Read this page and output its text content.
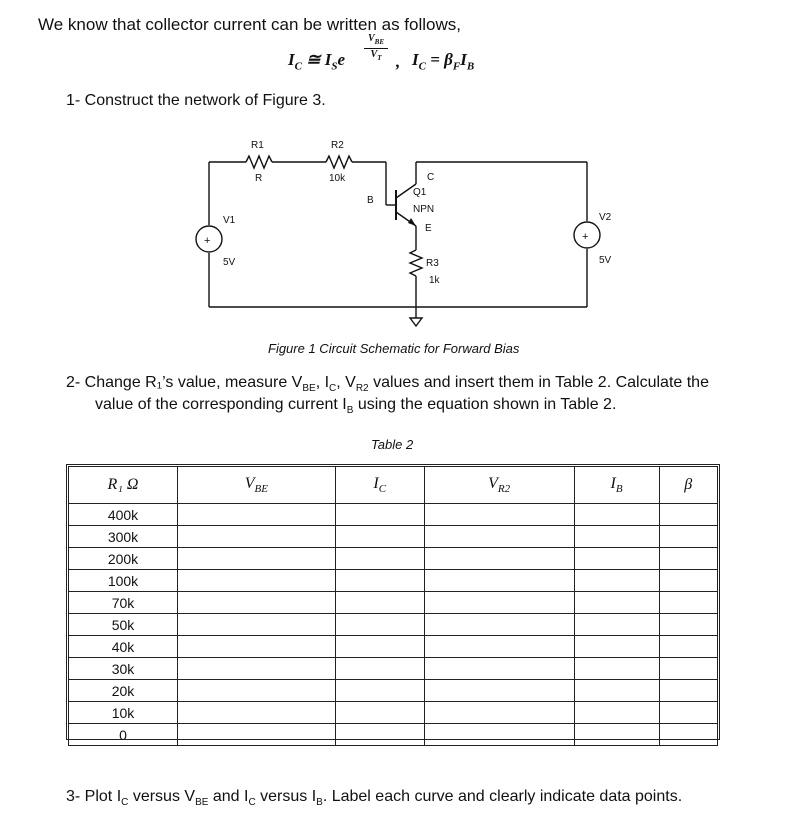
We know that collector current can be written as follows,
$I_C$ ≅ $I_Se$
$V_{BE}$
$V_T$ , $I_C = \beta_FI_B$
1- Construct the network of Figure 3.
R1
R
R2
10k
V1
5V
+
V2
5V
+
C
Q1
NPN
E
B
R3
1k
Figure 1 Circuit Schematic for Forward Bias
2- Change R₁’s value, measure $V_{BE}$, $I_C$, $V_{R2}$ values and insert them in Table 2. Calculate the
value of the corresponding current $I_B$ using the equation shown in Table 2.
Table 2
R₁ Ω	$V_{BE}$	$I_C$	$V_{R2}$	$I_B$	β
400k					
300k					
200k					
100k					
70k					
50k					
40k					
30k					
20k					
10k					
0					
3- Plot $I_C$ versus $V_{BE}$ and $I_C$ versus $I_B$. Label each curve and clearly indicate data points.
